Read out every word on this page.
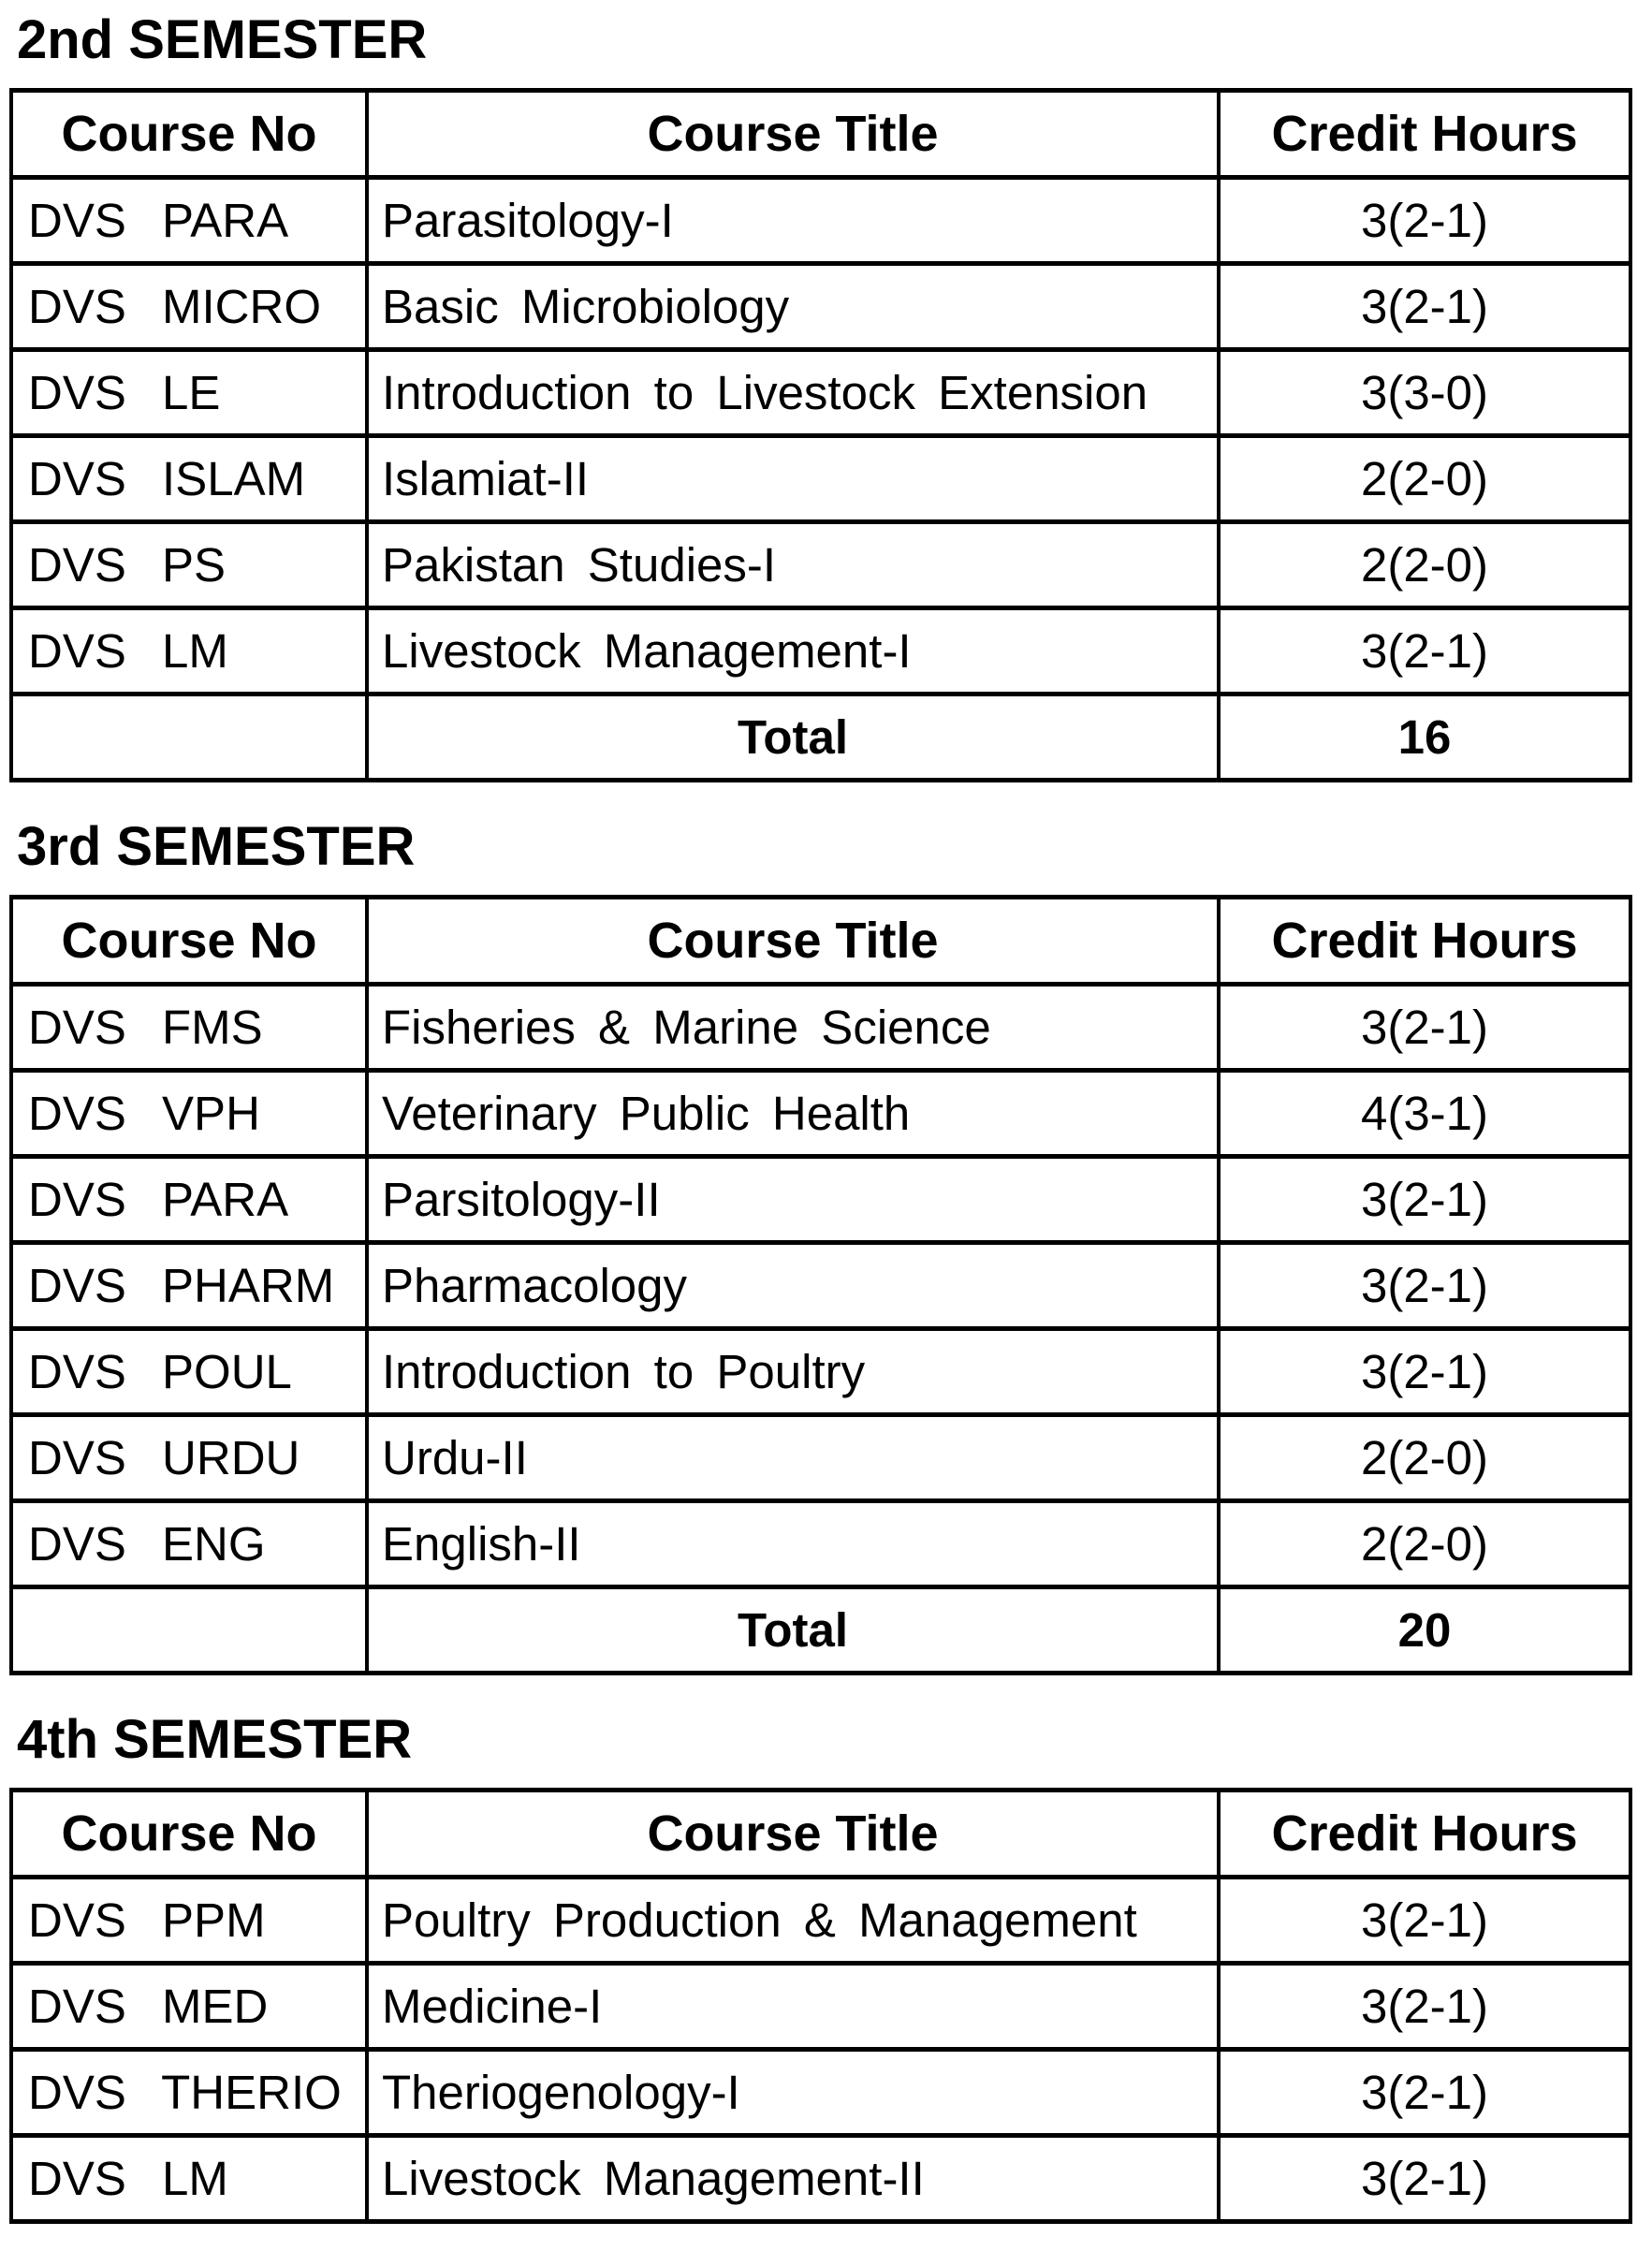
2nd SEMESTER
Course No	Course Title	Credit Hours
DVS PARA	Parasitology-I	3(2-1)
DVS MICRO	Basic Microbiology	3(2-1)
DVS LE	Introduction to Livestock Extension	3(3-0)
DVS ISLAM	Islamiat-II	2(2-0)
DVS PS	Pakistan Studies-I	2(2-0)
DVS LM	Livestock Management-I	3(2-1)
	Total	16
3rd SEMESTER
Course No	Course Title	Credit Hours
DVS FMS	Fisheries & Marine Science	3(2-1)
DVS VPH	Veterinary Public Health	4(3-1)
DVS PARA	Parsitology-II	3(2-1)
DVS PHARM	Pharmacology	3(2-1)
DVS POUL	Introduction to Poultry	3(2-1)
DVS URDU	Urdu-II	2(2-0)
DVS ENG	English-II	2(2-0)
	Total	20
4th SEMESTER
Course No	Course Title	Credit Hours
DVS PPM	Poultry Production & Management	3(2-1)
DVS MED	Medicine-I	3(2-1)
DVS THERIO	Theriogenology-I	3(2-1)
DVS LM	Livestock Management-II	3(2-1)
